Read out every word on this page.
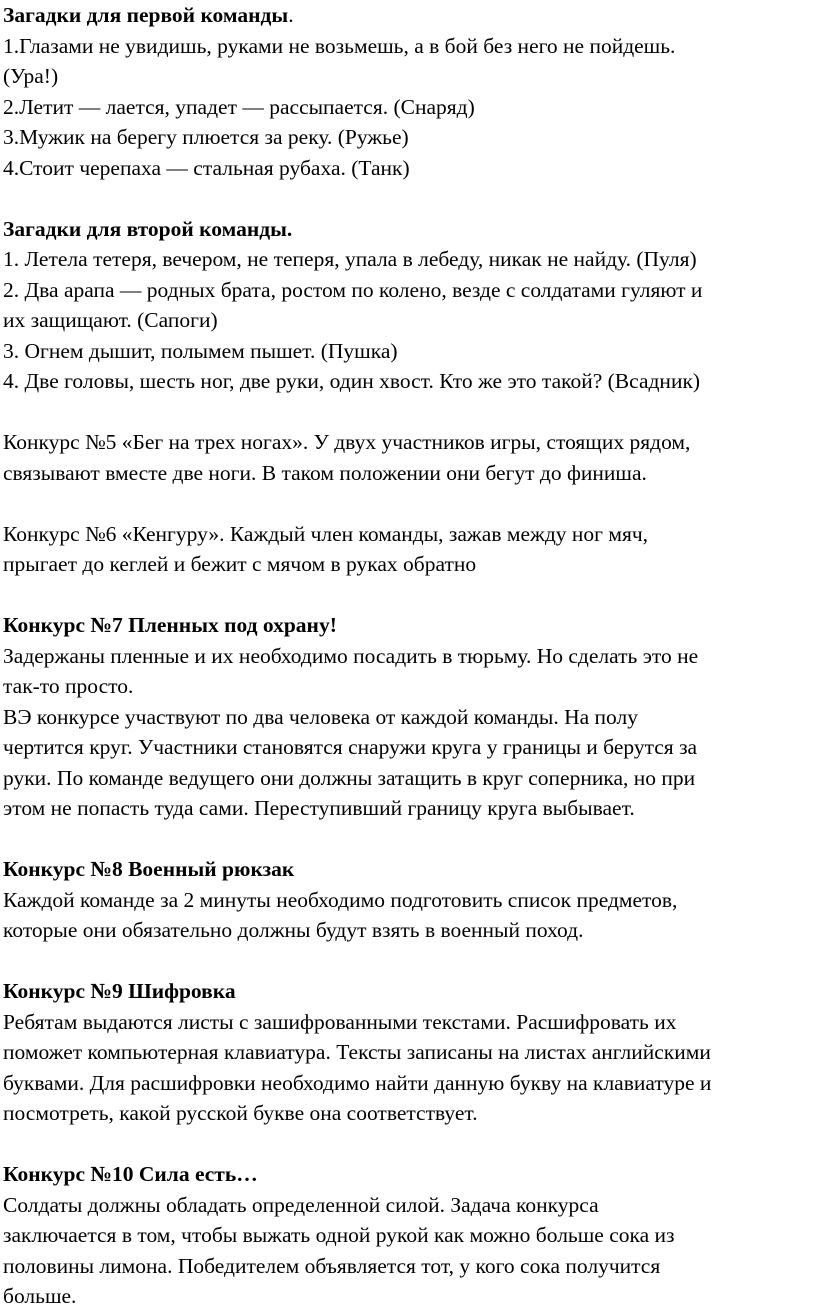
Загадки для первой команды.
1.Глазами не увидишь, руками не возьмешь, а в бой без него не пойдешь.
(Ура!)
2.Летит — лается, упадет — рассыпается. (Снаряд)
3.Мужик на берегу плюется за реку. (Ружье)
4.Стоит черепаха — стальная рубаха. (Танк)
Загадки для второй команды.
1. Летела тетеря, вечером, не теперя, упала в лебеду, никак не найду. (Пуля)
2. Два арапа — родных брата, ростом по колено, везде с солдатами гуляют и
их защищают. (Сапоги)
3. Огнем дышит, полымем пышет. (Пушка)
4. Две головы, шесть ног, две руки, один хвост. Кто же это такой? (Всадник)
Конкурс №5 «Бег на трех ногах». У двух участников игры, стоящих рядом,
связывают вместе две ноги. В таком положении они бегут до финиша.
Конкурс №6 «Кенгуру». Каждый член команды, зажав между ног мяч,
прыгает до кеглей и бежит с мячом в руках обратно
Конкурс №7 Пленных под охрану!
Задержаны пленные и их необходимо посадить в тюрьму. Но сделать это не
так-то просто.
ВЭ конкурсе участвуют по два человека от каждой команды. На полу
чертится круг. Участники становятся снаружи круга у границы и берутся за
руки. По команде ведущего они должны затащить в круг соперника, но при
этом не попасть туда сами. Переступивший границу круга выбывает.
Конкурс №8 Военный рюкзак
Каждой команде за 2 минуты необходимо подготовить список предметов,
которые они обязательно должны будут взять в военный поход.
Конкурс №9 Шифровка
Ребятам выдаются листы с зашифрованными текстами. Расшифровать их
поможет компьютерная клавиатура. Тексты записаны на листах английскими
буквами. Для расшифровки необходимо найти данную букву на клавиатуре и
посмотреть, какой русской букве она соответствует.
Конкурс №10 Сила есть…
Солдаты должны обладать определенной силой. Задача конкурса
заключается в том, чтобы выжать одной рукой как можно больше сока из
половины лимона. Победителем объявляется тот, у кого сока получится
больше.
